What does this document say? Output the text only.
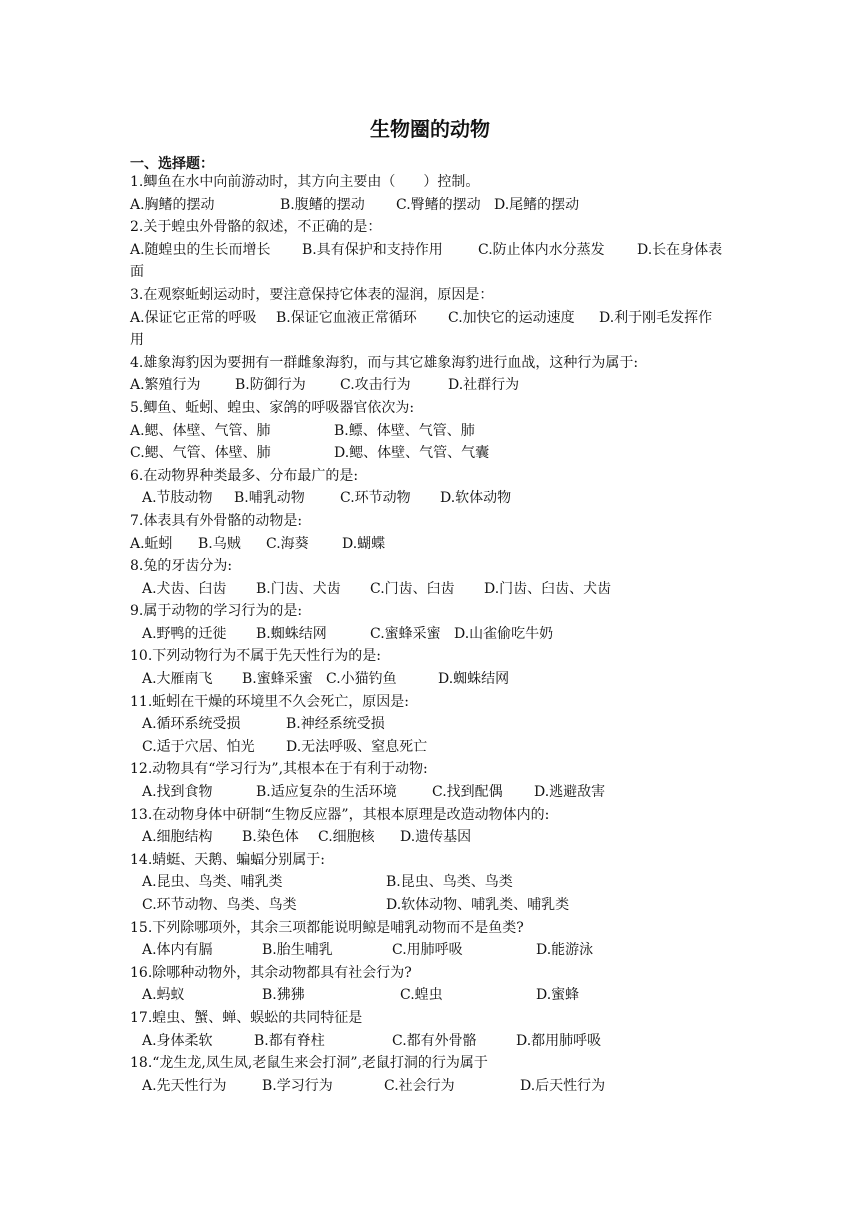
生物圈的动物
一、选择题：
1.鲫鱼在水中向前游动时，其方向主要由（　　）控制。
A.胸鳍的摆动	B.腹鳍的摆动 C.臀鳍的摆动 D.尾鳍的摆动
2.关于蝗虫外骨骼的叙述，不正确的是：
A.随蝗虫的生长而增长 B.具有保护和支持作用	C.防止体内水分蒸发 D.长在身体表
面
3.在观察蚯蚓运动时，要注意保持它体表的湿润，原因是：
A.保证它正常的呼吸 B.保证它血液正常循环 C.加快它的运动速度 D.利于刚毛发挥作
用
4.雄象海豹因为要拥有一群雌象海豹，而与其它雄象海豹进行血战，这种行为属于:
A.繁殖行为 B.防御行为 C.攻击行为	D.社群行为
5.鲫鱼、蚯蚓、蝗虫、家鸽的呼吸器官依次为:
A.鳃、体壁、气管、肺	B.鳔、体壁、气管、肺
C.鳃、气管、体壁、肺	D.鳃、体壁、气管、气囊
6.在动物界种类最多、分布最广的是:
A.节肢动物 B.哺乳动物	C.环节动物 D.软体动物
7.体表具有外骨骼的动物是:
A.蚯蚓 B.乌贼 C.海葵 D.蝴蝶
8.兔的牙齿分为:
A.犬齿、臼齿 B.门齿、犬齿 C.门齿、臼齿 D.门齿、臼齿、犬齿
9.属于动物的学习行为的是:
A.野鸭的迁徙 B.蜘蛛结网	C.蜜蜂采蜜 D.山雀偷吃牛奶
10.下列动物行为不属于先天性行为的是:
A.大雁南飞 B.蜜蜂采蜜 C.小猫钓鱼	D.蜘蛛结网
11.蚯蚓在干燥的环境里不久会死亡，原因是:
A.循环系统受损	B.神经系统受损
C.适于穴居、怕光 D.无法呼吸、窒息死亡
12.动物具有“学习行为”,其根本在于有利于动物:
A.找到食物	B.适应复杂的生活环境	C.找到配偶 D.逃避敌害
13.在动物身体中研制“生物反应器”，其根本原理是改造动物体内的:
A.细胞结构 B.染色体 C.细胞核 D.遗传基因
14.蜻蜓、天鹅、蝙蝠分别属于:
A.昆虫、鸟类、哺乳类	B.昆虫、鸟类、鸟类
C.环节动物、鸟类、鸟类	D.软体动物、哺乳类、哺乳类
15.下列除哪项外，其余三项都能说明鲸是哺乳动物而不是鱼类?
A.体内有膈	B.胎生哺乳	C.用肺呼吸	D.能游泳
16.除哪种动物外，其余动物都具有社会行为?
A.蚂蚁	B.狒狒	C.蝗虫	D.蜜蜂
17.蝗虫、蟹、蝉、蜈蚣的共同特征是
A.身体柔软	B.都有脊柱	C.都有外骨骼	D.都用肺呼吸
18.“龙生龙,凤生凤,老鼠生来会打洞”,老鼠打洞的行为属于
A.先天性行为	B.学习行为	C.社会行为	D.后天性行为
